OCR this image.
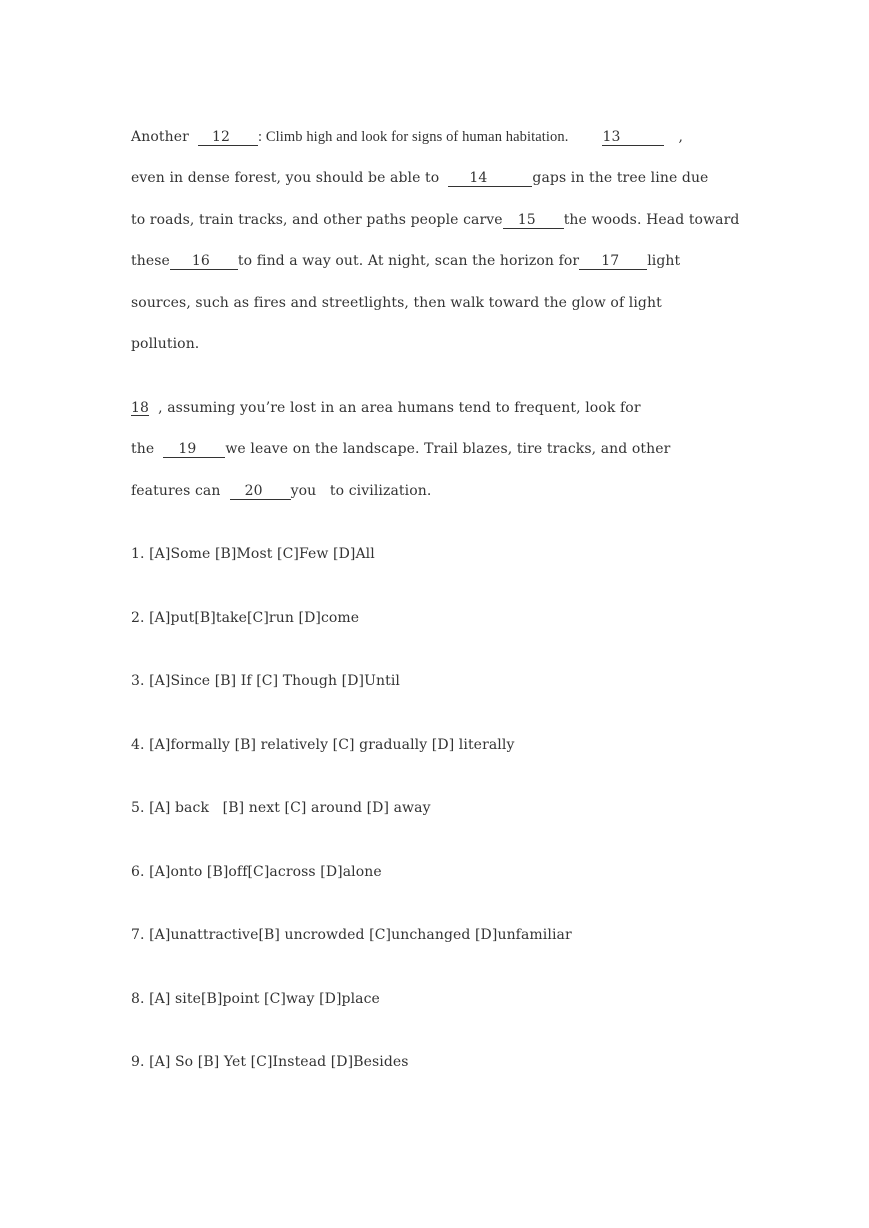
Another 12 : Climb high and look for signs of human habitation. 13	,
even in dense forest, you should be able to 14	gaps in the tree line due
to roads, train tracks, and other paths people carve 15 the woods. Head toward
these 16 to find a way out. At night, scan the horizon for 17 light
sources, such as fires and streetlights, then walk toward the glow of light
pollution.
18 , assuming you’re lost in an area humans tend to frequent, look for
the 19 we leave on the landscape. Trail blazes, tire tracks, and other
features can 20 you to civilization.
1. [A]Some [B]Most [C]Few [D]All
2. [A]put[B]take[C]run [D]come
3. [A]Since [B] If [C] Though [D]Until
4. [A]formally [B] relatively [C] gradually [D] literally
5. [A] back   [B] next [C] around [D] away
6. [A]onto [B]off[C]across [D]alone
7. [A]unattractive[B] uncrowded [C]unchanged [D]unfamiliar
8. [A] site[B]point [C]way [D]place
9. [A] So [B] Yet [C]Instead [D]Besides
